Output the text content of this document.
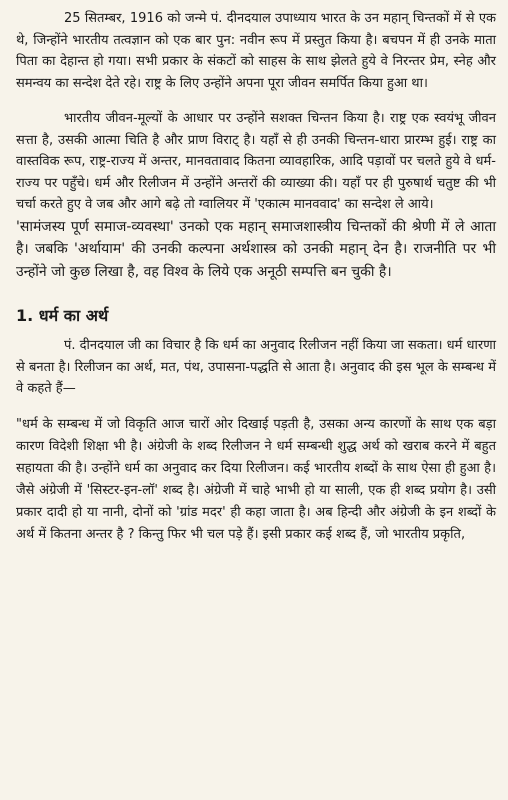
25 सितम्बर, 1916 को जन्मे पं. दीनदयाल उपाध्याय भारत के उन महान् चिन्तकों में से एक थे, जिन्होंने भारतीय तत्वज्ञान को एक बार पुन: नवीन रूप में प्रस्तुत किया है। बचपन में ही उनके माता पिता का देहान्त हो गया। सभी प्रकार के संकटों को साहस के साथ झेलते हुये वे निरन्तर प्रेम, स्नेह और समन्वय का सन्देश देते रहे। राष्ट्र के लिए उन्होंने अपना पूरा जीवन समर्पित किया हुआ था।

भारतीय जीवन-मूल्यों के आधार पर उन्होंने सशक्त चिन्तन किया है। राष्ट्र एक स्वयंभू जीवन सत्ता है, उसकी आत्मा चिति है और प्राण विराट् है। यहाँ से ही उनकी चिन्तन-धारा प्रारम्भ हुई। राष्ट्र का वास्तविक रूप, राष्ट्र-राज्य में अन्तर, मानवतावाद कितना व्यावहारिक, आदि पड़ावों पर चलते हुये वे धर्म-राज्य पर पहुँचे। धर्म और रिलीजन में उन्होंने अन्तरों की व्याख्या की। यहाँ पर ही पुरुषार्थ चतुष्ट की भी चर्चा करते हुए वे जब और आगे बढ़े तो ग्वालियर में 'एकात्म मानववाद' का सन्देश ले आये।

'सामंजस्य पूर्ण समाज-व्यवस्था' उनको एक महान् समाजशास्त्रीय चिन्तकों की श्रेणी में ले आता है। जबकि 'अर्थायाम' की उनकी कल्पना अर्थशास्त्र को उनकी महान् देन है। राजनीति पर भी उन्होंने जो कुछ लिखा है, वह विश्व के लिये एक अनूठी सम्पत्ति बन चुकी है।

1. धर्म का अर्थ

पं. दीनदयाल जी का विचार है कि धर्म का अनुवाद रिलीजन नहीं किया जा सकता। धर्म धारणा से बनता है। रिलीजन का अर्थ, मत, पंथ, उपासना-पद्धति से आता है। अनुवाद की इस भूल के सम्बन्ध में वे कहते हैं—

"धर्म के सम्बन्ध में जो विकृति आज चारों ओर दिखाई पड़ती है, उसका अन्य कारणों के साथ एक बड़ा कारण विदेशी शिक्षा भी है। अंग्रेजी के शब्द रिलीजन ने धर्म सम्बन्धी शुद्ध अर्थ को खराब करने में बहुत सहायता की है। उन्होंने धर्म का अनुवाद कर दिया रिलीजन। कई भारतीय शब्दों के साथ ऐसा ही हुआ है। जैसे अंग्रेजी में 'सिस्टर-इन-लॉ' शब्द है। अंग्रेजी में चाहे भाभी हो या साली, एक ही शब्द प्रयोग है। उसी प्रकार दादी हो या नानी, दोनों को 'ग्रांड मदर' ही कहा जाता है। अब हिन्दी और अंग्रेजी के इन शब्दों के अर्थ में कितना अन्तर है ? किन्तु फिर भी चल पड़े हैं। इसी प्रकार कई शब्द हैं, जो भारतीय प्रकृति,
